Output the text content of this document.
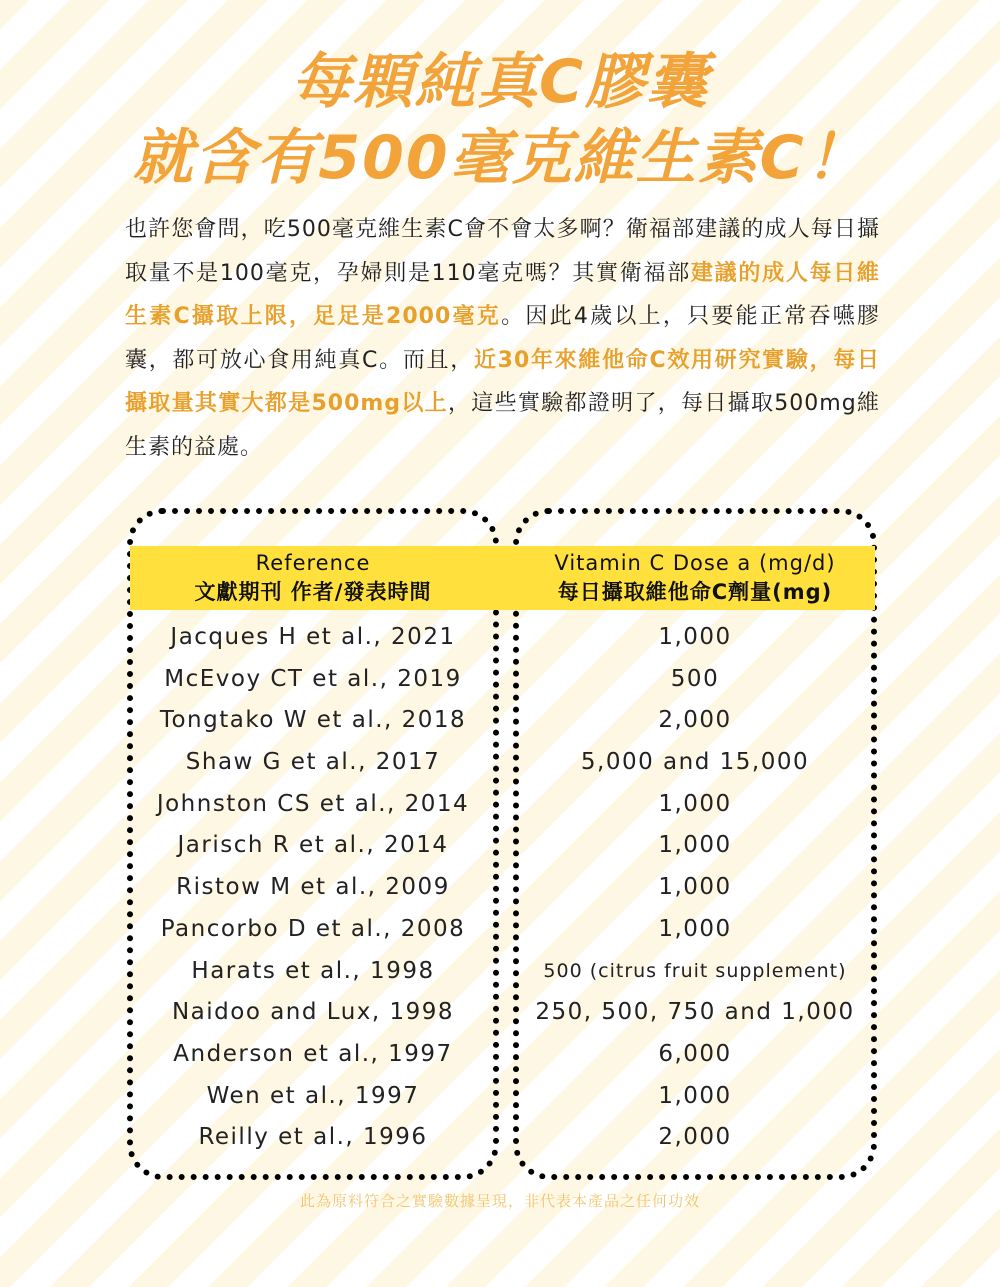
每顆純真C膠囊
就含有500毫克維生素C！

也許您會問，吃500毫克維生素C會不會太多啊？衛福部建議的成人每日攝取量不是100毫克，孕婦則是110毫克嗎？其實衛福部建議的成人每日維生素C攝取上限，足足是2000毫克。因此4歲以上，只要能正常吞嚥膠囊，都可放心食用純真C。而且，近30年來維他命C效用研究實驗，每日攝取量其實大都是500mg以上，這些實驗都證明了，每日攝取500mg維生素的益處。

Reference
文獻期刊 作者/發表時間
Vitamin C Dose a (mg/d)
每日攝取維他命C劑量(mg)
Jacques H et al., 2021
McEvoy CT et al., 2019
Tongtako W et al., 2018
Shaw G et al., 2017
Johnston CS et al., 2014
Jarisch R et al., 2014
Ristow M et al., 2009
Pancorbo D et al., 2008
Harats et al., 1998
Naidoo and Lux, 1998
Anderson et al., 1997
Wen et al., 1997
Reilly et al., 1996
1,000
500
2,000
5,000 and 15,000
1,000
1,000
1,000
1,000
500 (citrus fruit supplement)
250, 500, 750 and 1,000
6,000
1,000
2,000

此為原料符合之實驗數據呈現，非代表本產品之任何功效
